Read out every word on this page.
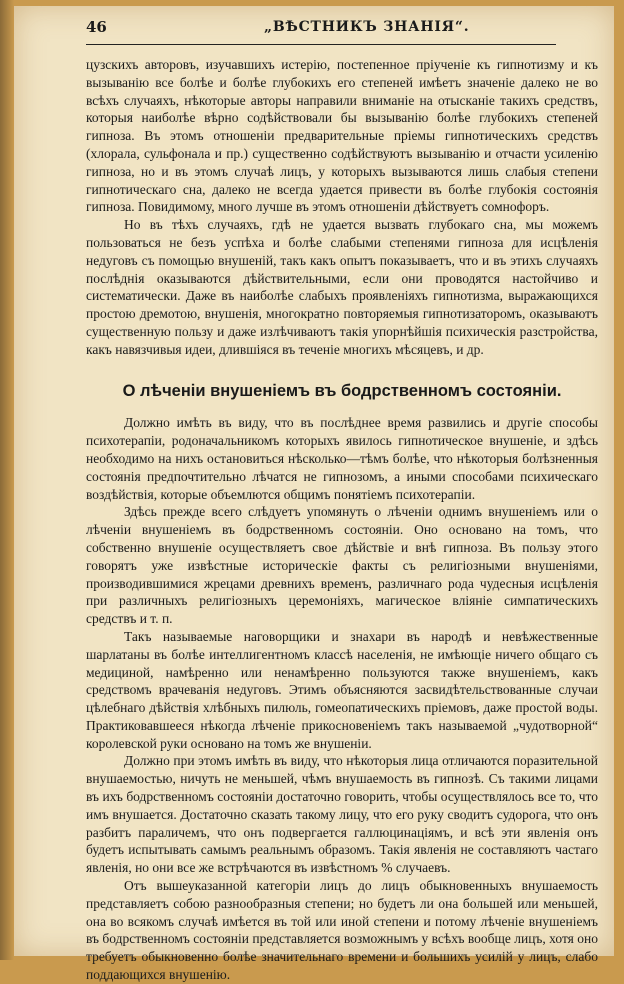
46	„ВѢСТНИКЪ ЗНАНІЯ“.

цузскихъ авторовъ, изучавшихъ истерію, постепенное пріученіе къ гипнотизму и къ вызыванію все болѣе и болѣе глубокихъ его степеней имѣетъ значеніе далеко не во всѣхъ случаяхъ, нѣкоторые авторы направили вниманіе на отысканіе такихъ средствъ, которыя наиболѣе вѣрно содѣйствовали бы вызыванію болѣе глубокихъ степеней гипноза. Въ этомъ отношеніи предварительные пріемы гипнотическихъ средствъ (хлорала, сульфонала и пр.) существенно содѣйствуютъ вызыванію и отчасти усиленію гипноза, но и въ этомъ случаѣ лицъ, у которыхъ вызываются лишь слабыя степени гипнотическаго сна, далеко не всегда удается привести въ болѣе глубокія состоянія гипноза. Повидимому, много лучше въ этомъ отношеніи дѣйствуетъ сомнофоръ.

Но въ тѣхъ случаяхъ, гдѣ не удается вызвать глубокаго сна, мы можемъ пользоваться не безъ успѣха и болѣе слабыми степенями гипноза для исцѣленія недуговъ съ помощью внушеній, такъ какъ опытъ показываетъ, что и въ этихъ случаяхъ послѣднія оказываются дѣйствительными, если они проводятся настойчиво и систематически. Даже въ наиболѣе слабыхъ проявленіяхъ гипнотизма, выражающихся простою дремотою, внушенія, многократно повторяемыя гипнотизаторомъ, оказываютъ существенную пользу и даже излѣчиваютъ такія упорнѣйшія психическія разстройства, какъ навязчивыя идеи, длившіяся въ теченіе многихъ мѣсяцевъ, и др.

О лѣченіи внушеніемъ въ бодрственномъ состояніи.

Должно имѣть въ виду, что въ послѣднее время развились и другіе способы психотерапіи, родоначальникомъ которыхъ явилось гипнотическое внушеніе, и здѣсь необходимо на нихъ остановиться нѣсколько—тѣмъ болѣе, что нѣкоторыя болѣзненныя состоянія предпочтительно лѣчатся не гипнозомъ, а иными способами психическаго воздѣйствія, которые объемлются общимъ понятіемъ психотерапіи.

Здѣсь прежде всего слѣдуетъ упомянуть о лѣченіи однимъ внушеніемъ или о лѣченіи внушеніемъ въ бодрственномъ состояніи. Оно основано на томъ, что собственно внушеніе осуществляетъ свое дѣйствіе и внѣ гипноза. Въ пользу этого говорятъ уже извѣстные историческіе факты съ религіозными внушеніями, производившимися жрецами древнихъ временъ, различнаго рода чудесныя исцѣленія при различныхъ религіозныхъ церемоніяхъ, магическое вліяніе симпатическихъ средствъ и т. п.

Такъ называемые наговорщики и знахари въ народѣ и невѣжественные шарлатаны въ болѣе интеллигентномъ классѣ населенія, не имѣющіе ничего общаго съ медициной, намѣренно или ненамѣренно пользуются также внушеніемъ, какъ средствомъ врачеванія недуговъ. Этимъ объясняются засвидѣтельствованные случаи цѣлебнаго дѣйствія хлѣбныхъ пилюль, гомеопатическихъ пріемовъ, даже простой воды. Практиковавшееся нѣкогда лѣченіе прикосновеніемъ такъ называемой „чудотворной“ королевской руки основано на томъ же внушеніи.

Должно при этомъ имѣть въ виду, что нѣкоторыя лица отличаются поразительной внушаемостью, ничуть не меньшей, чѣмъ внушаемость въ гипнозѣ. Съ такими лицами въ ихъ бодрственномъ состояніи достаточно говорить, чтобы осуществлялось все то, что имъ внушается. Достаточно сказать такому лицу, что его руку сводитъ судорога, что онъ разбитъ параличемъ, что онъ подвергается галлюцинаціямъ, и всѣ эти явленія онъ будетъ испытывать самымъ реальнымъ образомъ. Такія явленія не составляютъ частаго явленія, но они все же встрѣчаются въ извѣстномъ % случаевъ.

Отъ вышеуказанной категоріи лицъ до лицъ обыкновенныхъ внушаемость представляетъ собою разнообразныя степени; но будетъ ли она большей или меньшей, она во всякомъ случаѣ имѣется въ той или иной степени и потому лѣченіе внушеніемъ въ бодрственномъ состояніи представляется возможнымъ у всѣхъ вообще лицъ, хотя оно требуетъ обыкновенно болѣе значительнаго времени и большихъ усилій у лицъ, слабо поддающихся внушенію.
